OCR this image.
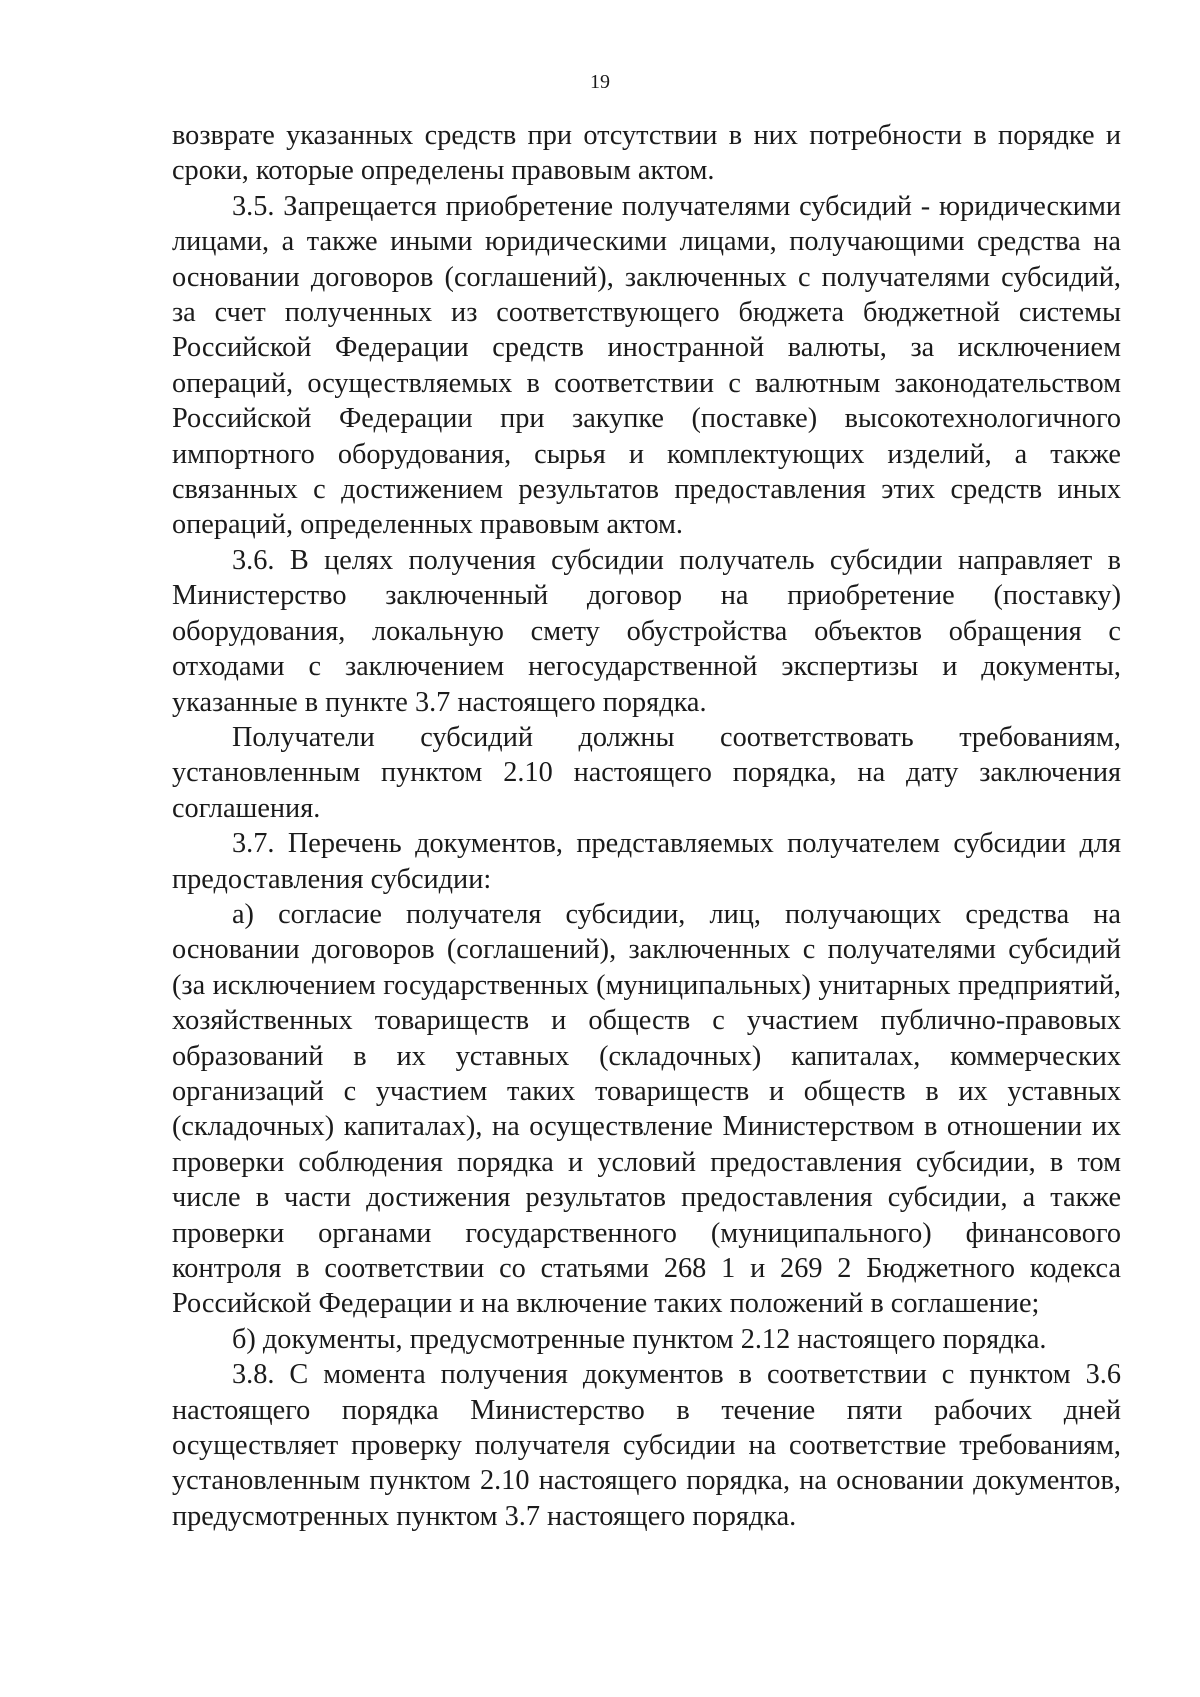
19

возврате указанных средств при отсутствии в них потребности в порядке и сроки, которые определены правовым актом.

3.5. Запрещается приобретение получателями субсидий - юридическими лицами, а также иными юридическими лицами, получающими средства на основании договоров (соглашений), заключенных с получателями субсидий, за счет полученных из соответствующего бюджета бюджетной системы Российской Федерации средств иностранной валюты, за исключением операций, осуществляемых в соответствии с валютным законодательством Российской Федерации при закупке (поставке) высокотехнологичного импортного оборудования, сырья и комплектующих изделий, а также связанных с достижением результатов предоставления этих средств иных операций, определенных правовым актом.

3.6. В целях получения субсидии получатель субсидии направляет в Министерство заключенный договор на приобретение (поставку) оборудования, локальную смету обустройства объектов обращения с отходами с заключением негосударственной экспертизы и документы, указанные в пункте 3.7 настоящего порядка.

Получатели субсидий должны соответствовать требованиям, установленным пунктом 2.10 настоящего порядка, на дату заключения соглашения.

3.7. Перечень документов, представляемых получателем субсидии для предоставления субсидии:

а) согласие получателя субсидии, лиц, получающих средства на основании договоров (соглашений), заключенных с получателями субсидий (за исключением государственных (муниципальных) унитарных предприятий, хозяйственных товариществ и обществ с участием публично-правовых образований в их уставных (складочных) капиталах, коммерческих организаций с участием таких товариществ и обществ в их уставных (складочных) капиталах), на осуществление Министерством в отношении их проверки соблюдения порядка и условий предоставления субсидии, в том числе в части достижения результатов предоставления субсидии, а также проверки органами государственного (муниципального) финансового контроля в соответствии со статьями 268 1 и 269 2 Бюджетного кодекса Российской Федерации и на включение таких положений в соглашение;

б) документы, предусмотренные пунктом 2.12 настоящего порядка.

3.8. С момента получения документов в соответствии с пунктом 3.6 настоящего порядка Министерство в течение пяти рабочих дней осуществляет проверку получателя субсидии на соответствие требованиям, установленным пунктом 2.10 настоящего порядка, на основании документов, предусмотренных пунктом 3.7 настоящего порядка.
